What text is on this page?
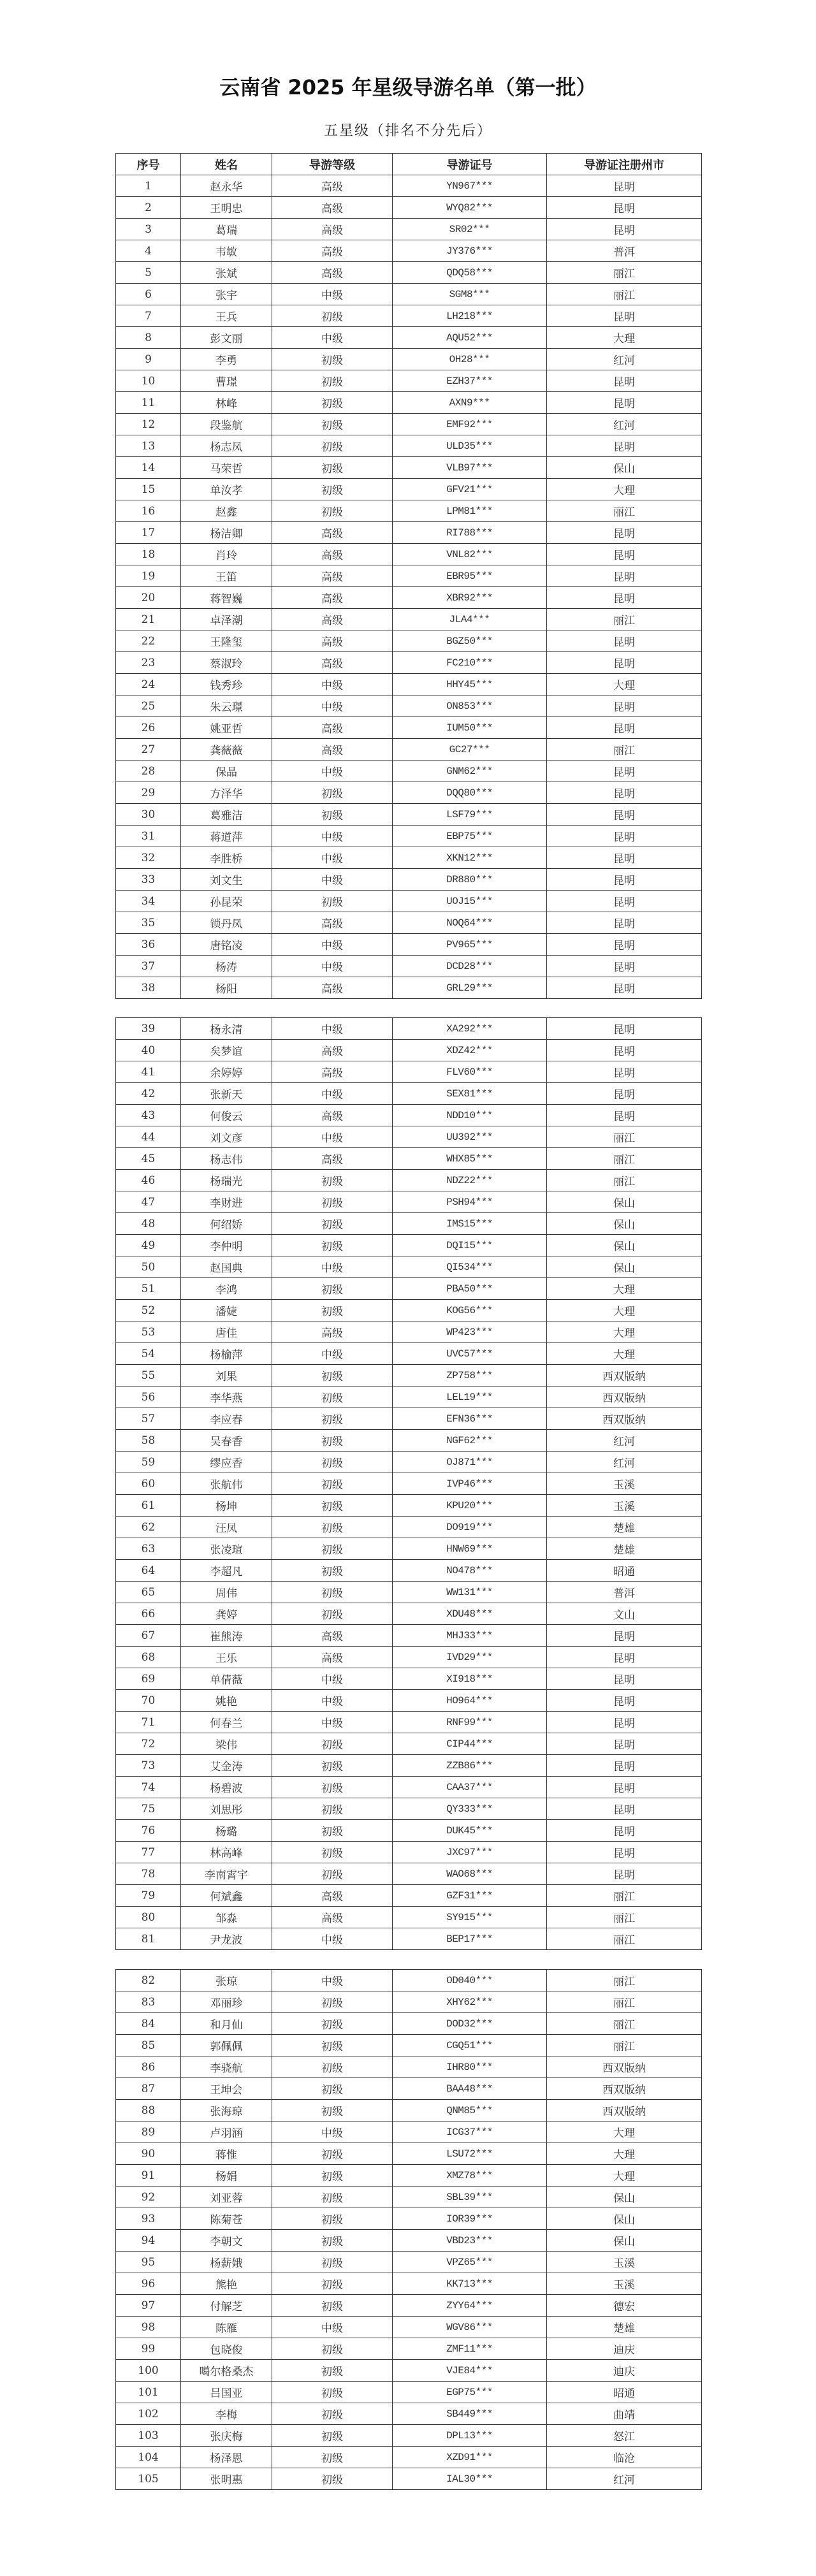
云南省 2025 年星级导游名单（第一批）
五星级（排名不分先后）
序号	姓名	导游等级	导游证号	导游证注册州市
1	赵永华	高级	YN967***	昆明
2	王明忠	高级	WYQ82***	昆明
3	葛瑞	高级	SR02***	昆明
4	韦敏	高级	JY376***	普洱
5	张斌	高级	QDQ58***	丽江
6	张宇	中级	SGM8***	丽江
7	王兵	初级	LH218***	昆明
8	彭文丽	中级	AQU52***	大理
9	李勇	初级	OH28***	红河
10	曹璟	初级	EZH37***	昆明
11	林峰	初级	AXN9***	昆明
12	段鉴航	初级	EMF92***	红河
13	杨志凤	初级	ULD35***	昆明
14	马荣哲	初级	VLB97***	保山
15	单汝孝	初级	GFV21***	大理
16	赵鑫	初级	LPM81***	丽江
17	杨洁卿	高级	RI788***	昆明
18	肖玲	高级	VNL82***	昆明
19	王笛	高级	EBR95***	昆明
20	蒋智巍	高级	XBR92***	昆明
21	卓泽潮	高级	JLA4***	丽江
22	王隆玺	高级	BGZ50***	昆明
23	蔡淑玲	高级	FC210***	昆明
24	钱秀珍	中级	HHY45***	大理
25	朱云璟	中级	ON853***	昆明
26	姚亚哲	高级	IUM50***	昆明
27	龚薇薇	高级	GC27***	丽江
28	保晶	中级	GNM62***	昆明
29	方泽华	初级	DQQ80***	昆明
30	葛雅洁	初级	LSF79***	昆明
31	蒋道萍	中级	EBP75***	昆明
32	李胜桥	中级	XKN12***	昆明
33	刘文生	中级	DR880***	昆明
34	孙昆荣	初级	UOJ15***	昆明
35	锁丹凤	高级	NOQ64***	昆明
36	唐铭凌	中级	PV965***	昆明
37	杨涛	中级	DCD28***	昆明
38	杨阳	高级	GRL29***	昆明
39	杨永清	中级	XA292***	昆明
40	矣梦谊	高级	XDZ42***	昆明
41	余婷婷	高级	FLV60***	昆明
42	张新天	中级	SEX81***	昆明
43	何俊云	高级	NDD10***	昆明
44	刘文彦	中级	UU392***	丽江
45	杨志伟	高级	WHX85***	丽江
46	杨瑞光	初级	NDZ22***	丽江
47	李财进	初级	PSH94***	保山
48	何绍娇	初级	IMS15***	保山
49	李仲明	初级	DQI15***	保山
50	赵国典	中级	QI534***	保山
51	李鸿	初级	PBA50***	大理
52	潘婕	初级	KOG56***	大理
53	唐佳	高级	WP423***	大理
54	杨榆萍	中级	UVC57***	大理
55	刘果	初级	ZP758***	西双版纳
56	李华燕	初级	LEL19***	西双版纳
57	李应春	初级	EFN36***	西双版纳
58	吴春香	初级	NGF62***	红河
59	缪应香	初级	OJ871***	红河
60	张航伟	初级	IVP46***	玉溪
61	杨坤	初级	KPU20***	玉溪
62	汪凤	初级	DO919***	楚雄
63	张凌瑄	初级	HNW69***	楚雄
64	李超凡	初级	NO478***	昭通
65	周伟	初级	WW131***	普洱
66	龚婷	初级	XDU48***	文山
67	崔熊涛	高级	MHJ33***	昆明
68	王乐	高级	IVD29***	昆明
69	单倩薇	中级	XI918***	昆明
70	姚艳	中级	HO964***	昆明
71	何春兰	中级	RNF99***	昆明
72	梁伟	初级	CIP44***	昆明
73	艾金涛	初级	ZZB86***	昆明
74	杨碧波	初级	CAA37***	昆明
75	刘思彤	初级	QY333***	昆明
76	杨璐	初级	DUK45***	昆明
77	林高峰	初级	JXC97***	昆明
78	李南霄宇	初级	WAO68***	昆明
79	何斌鑫	高级	GZF31***	丽江
80	邹淼	高级	SY915***	丽江
81	尹龙波	中级	BEP17***	丽江
82	张琼	中级	OD040***	丽江
83	邓丽珍	初级	XHY62***	丽江
84	和月仙	初级	DOD32***	丽江
85	郭佩佩	初级	CGQ51***	丽江
86	李骁航	初级	IHR80***	西双版纳
87	王坤会	初级	BAA48***	西双版纳
88	张海琼	初级	QNM85***	西双版纳
89	卢羽涵	中级	ICG37***	大理
90	蒋惟	初级	LSU72***	大理
91	杨娟	初级	XMZ78***	大理
92	刘亚蓉	初级	SBL39***	保山
93	陈菊苍	初级	IOR39***	保山
94	李朝文	初级	VBD23***	保山
95	杨薪娥	初级	VPZ65***	玉溪
96	熊艳	初级	KK713***	玉溪
97	付解芝	初级	ZYY64***	德宏
98	陈雁	中级	WGV86***	楚雄
99	包晓俊	初级	ZMF11***	迪庆
100	噶尔格桑杰	初级	VJE84***	迪庆
101	吕国亚	初级	EGP75***	昭通
102	李梅	初级	SB449***	曲靖
103	张庆梅	初级	DPL13***	怒江
104	杨泽恩	初级	XZD91***	临沧
105	张明惠	初级	IAL30***	红河
